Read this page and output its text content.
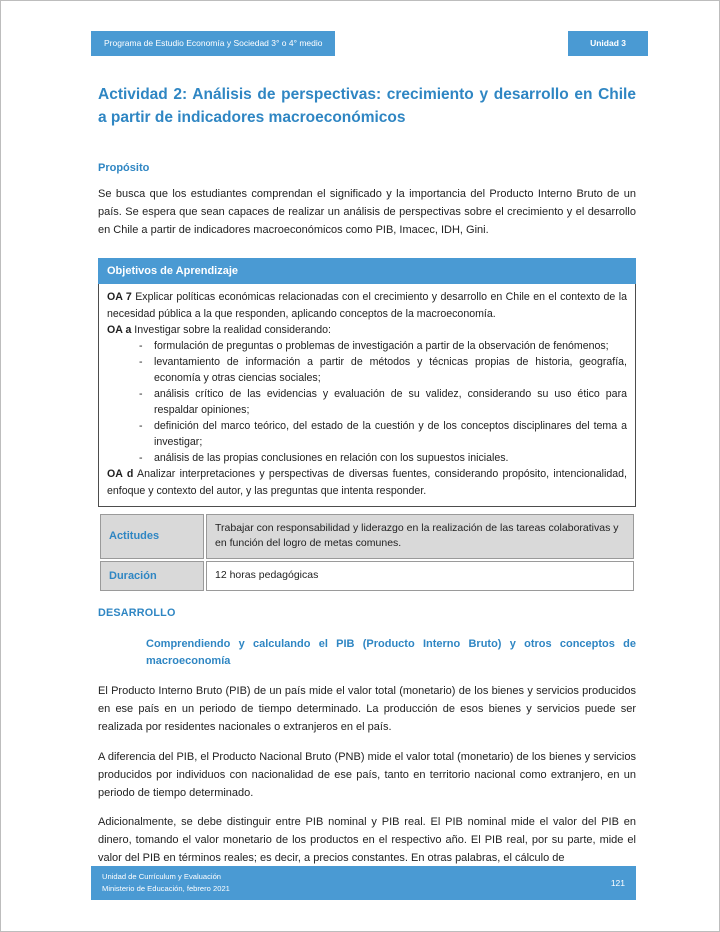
Programa de Estudio Economía y Sociedad 3° o 4° medio	Unidad 3
Actividad 2: Análisis de perspectivas: crecimiento y desarrollo en Chile a partir de indicadores macroeconómicos
Propósito

Se busca que los estudiantes comprendan el significado y la importancia del Producto Interno Bruto de un país. Se espera que sean capaces de realizar un análisis de perspectivas sobre el crecimiento y el desarrollo en Chile a partir de indicadores macroeconómicos como PIB, Imacec, IDH, Gini.

Objetivos de Aprendizaje

OA 7 Explicar políticas económicas relacionadas con el crecimiento y desarrollo en Chile en el contexto de la necesidad pública a la que responden, aplicando conceptos de la macroeconomía.

OA a Investigar sobre la realidad considerando:

- formulación de preguntas o problemas de investigación a partir de la observación de fenómenos;
- levantamiento de información a partir de métodos y técnicas propias de historia, geografía, economía y otras ciencias sociales;
- análisis crítico de las evidencias y evaluación de su validez, considerando su uso ético para respaldar opiniones;
- definición del marco teórico, del estado de la cuestión y de los conceptos disciplinares del tema a investigar;
- análisis de las propias conclusiones en relación con los supuestos iniciales.

OA d Analizar interpretaciones y perspectivas de diversas fuentes, considerando propósito, intencionalidad, enfoque y contexto del autor, y las preguntas que intenta responder.

Actitudes	Trabajar con responsabilidad y liderazgo en la realización de las tareas colaborativas y en función del logro de metas comunes.
Duración	12 horas pedagógicas
DESARROLLO
Comprendiendo y calculando el PIB (Producto Interno Bruto) y otros conceptos de macroeconomía

El Producto Interno Bruto (PIB) de un país mide el valor total (monetario) de los bienes y servicios producidos en ese país en un periodo de tiempo determinado. La producción de esos bienes y servicios puede ser realizada por residentes nacionales o extranjeros en el país.

A diferencia del PIB, el Producto Nacional Bruto (PNB) mide el valor total (monetario) de los bienes y servicios producidos por individuos con nacionalidad de ese país, tanto en territorio nacional como extranjero, en un periodo de tiempo determinado.

Adicionalmente, se debe distinguir entre PIB nominal y PIB real. El PIB nominal mide el valor del PIB en dinero, tomando el valor monetario de los productos en el respectivo año. El PIB real, por su parte, mide el valor del PIB en términos reales; es decir, a precios constantes. En otras palabras, el cálculo de

Unidad de Currículum y Evaluación
Ministerio de Educación, febrero 2021
121
